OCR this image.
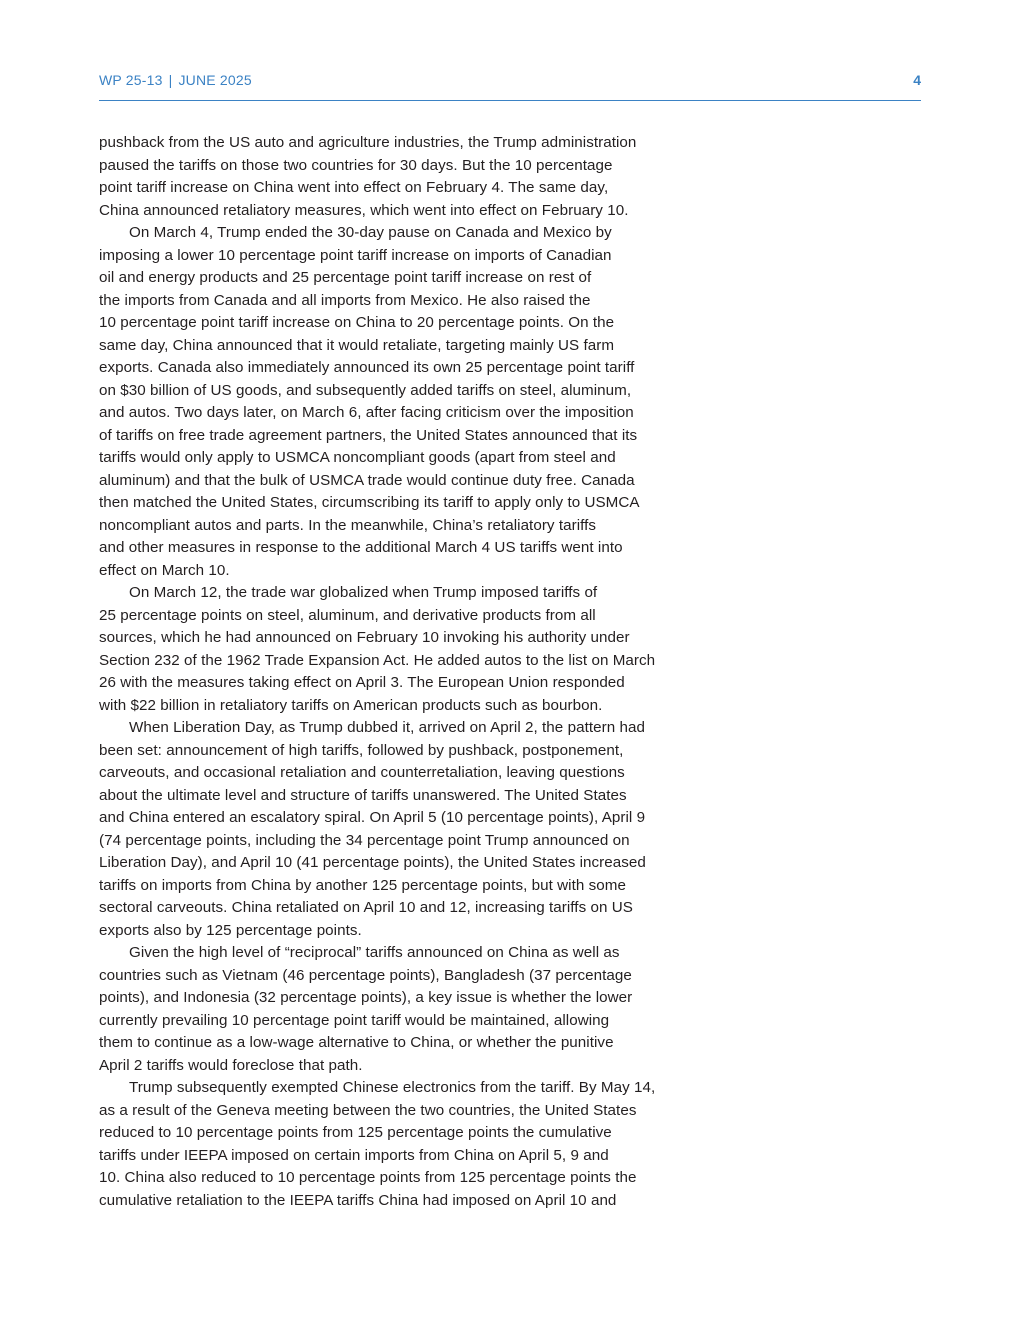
WP 25-13 | JUNE 2025	4
pushback from the US auto and agriculture industries, the Trump administration
paused the tariffs on those two countries for 30 days. But the 10 percentage
point tariff increase on China went into effect on February 4. The same day,
China announced retaliatory measures, which went into effect on February 10.
On March 4, Trump ended the 30-day pause on Canada and Mexico by
imposing a lower 10 percentage point tariff increase on imports of Canadian
oil and energy products and 25 percentage point tariff increase on rest of
the imports from Canada and all imports from Mexico. He also raised the
10 percentage point tariff increase on China to 20 percentage points. On the
same day, China announced that it would retaliate, targeting mainly US farm
exports. Canada also immediately announced its own 25 percentage point tariff
on $30 billion of US goods, and subsequently added tariffs on steel, aluminum,
and autos. Two days later, on March 6, after facing criticism over the imposition
of tariffs on free trade agreement partners, the United States announced that its
tariffs would only apply to USMCA noncompliant goods (apart from steel and
aluminum) and that the bulk of USMCA trade would continue duty free. Canada
then matched the United States, circumscribing its tariff to apply only to USMCA
noncompliant autos and parts. In the meanwhile, China’s retaliatory tariffs
and other measures in response to the additional March 4 US tariffs went into
effect on March 10.
On March 12, the trade war globalized when Trump imposed tariffs of
25 percentage points on steel, aluminum, and derivative products from all
sources, which he had announced on February 10 invoking his authority under
Section 232 of the 1962 Trade Expansion Act. He added autos to the list on March
26 with the measures taking effect on April 3. The European Union responded
with $22 billion in retaliatory tariffs on American products such as bourbon.
When Liberation Day, as Trump dubbed it, arrived on April 2, the pattern had
been set: announcement of high tariffs, followed by pushback, postponement,
carveouts, and occasional retaliation and counterretaliation, leaving questions
about the ultimate level and structure of tariffs unanswered. The United States
and China entered an escalatory spiral. On April 5 (10 percentage points), April 9
(74 percentage points, including the 34 percentage point Trump announced on
Liberation Day), and April 10 (41 percentage points), the United States increased
tariffs on imports from China by another 125 percentage points, but with some
sectoral carveouts. China retaliated on April 10 and 12, increasing tariffs on US
exports also by 125 percentage points.
Given the high level of “reciprocal” tariffs announced on China as well as
countries such as Vietnam (46 percentage points), Bangladesh (37 percentage
points), and Indonesia (32 percentage points), a key issue is whether the lower
currently prevailing 10 percentage point tariff would be maintained, allowing
them to continue as a low-wage alternative to China, or whether the punitive
April 2 tariffs would foreclose that path.
Trump subsequently exempted Chinese electronics from the tariff. By May 14,
as a result of the Geneva meeting between the two countries, the United States
reduced to 10 percentage points from 125 percentage points the cumulative
tariffs under IEEPA imposed on certain imports from China on April 5, 9 and
10. China also reduced to 10 percentage points from 125 percentage points the
cumulative retaliation to the IEEPA tariffs China had imposed on April 10 and
